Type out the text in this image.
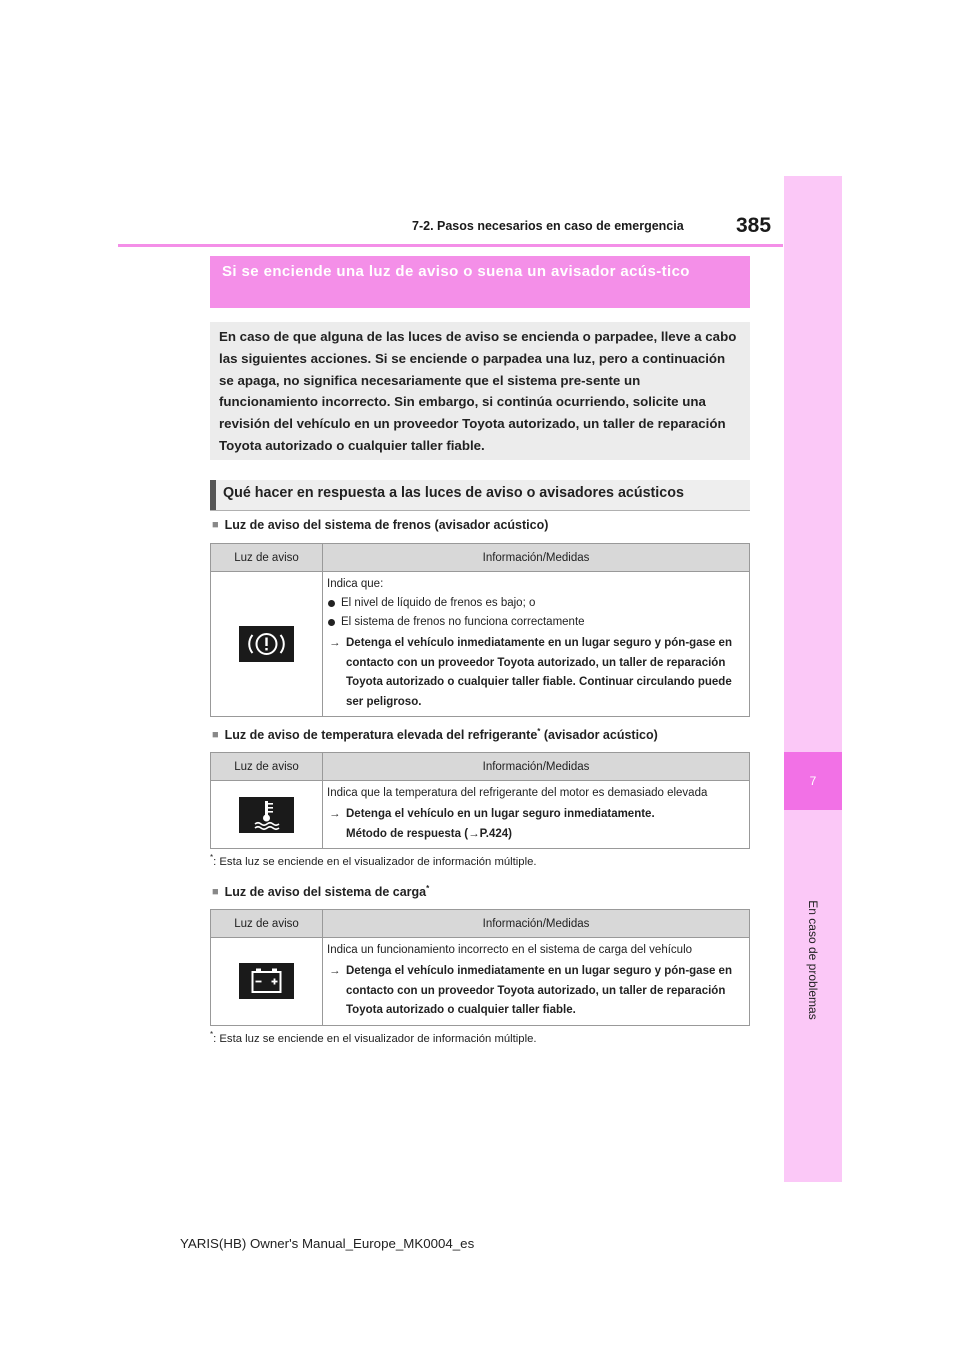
7-2. Pasos necesarios en caso de emergencia 385
7
En caso de problemas
Si se enciende una luz de aviso o suena un avisador acús-tico

En caso de que alguna de las luces de aviso se encienda o parpadee, lleve a cabo las siguientes acciones. Si se enciende o parpadea una luz, pero a continuación se apaga, no significa necesariamente que el sistema pre-sente un funcionamiento incorrecto. Sin embargo, si continúa ocurriendo, solicite una revisión del vehículo en un proveedor Toyota autorizado, un taller de reparación Toyota autorizado o cualquier taller fiable.

Qué hacer en respuesta a las luces de aviso o avisadores acústicos
■ Luz de aviso del sistema de frenos (avisador acústico)
Luz de aviso	Información/Medidas

Indica que:
El nivel de líquido de frenos es bajo; o
El sistema de frenos no funciona correctamente
→ Detenga el vehículo inmediatamente en un lugar seguro y pón-gase en contacto con un proveedor Toyota autorizado, un taller de reparación Toyota autorizado o cualquier taller fiable. Continuar circulando puede ser peligroso.
■ Luz de aviso de temperatura elevada del refrigerante* (avisador acústico)
Luz de aviso	Información/Medidas

Indica que la temperatura del refrigerante del motor es demasiado elevada
→ Detenga el vehículo en un lugar seguro inmediatamente.
Método de respuesta (→P.424)
*: Esta luz se enciende en el visualizador de información múltiple.
■ Luz de aviso del sistema de carga*
Luz de aviso	Información/Medidas

Indica un funcionamiento incorrecto en el sistema de carga del vehículo
→ Detenga el vehículo inmediatamente en un lugar seguro y pón-gase en contacto con un proveedor Toyota autorizado, un taller de reparación Toyota autorizado o cualquier taller fiable.
*: Esta luz se enciende en el visualizador de información múltiple.
YARIS(HB) Owner's Manual_Europe_MK0004_es
